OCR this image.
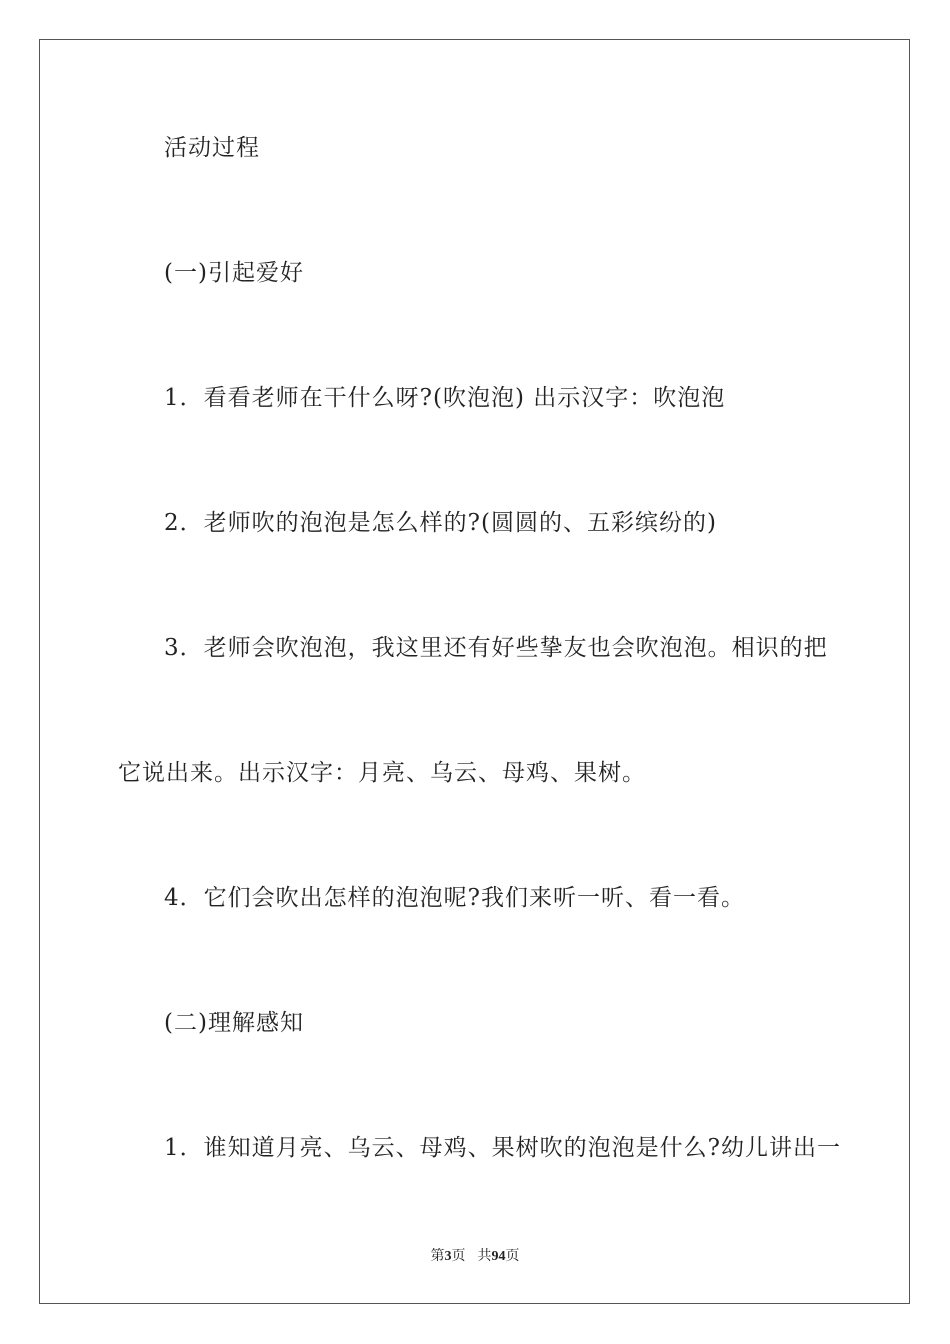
活动过程
(一)引起爱好
1．看看老师在干什么呀?(吹泡泡) 出示汉字：吹泡泡
2．老师吹的泡泡是怎么样的?(圆圆的、五彩缤纷的)
3．老师会吹泡泡，我这里还有好些挚友也会吹泡泡。相识的把
它说出来。出示汉字：月亮、乌云、母鸡、果树。
4．它们会吹出怎样的泡泡呢?我们来听一听、看一看。
(二)理解感知
1．谁知道月亮、乌云、母鸡、果树吹的泡泡是什么?幼儿讲出一
第3页 共94页
